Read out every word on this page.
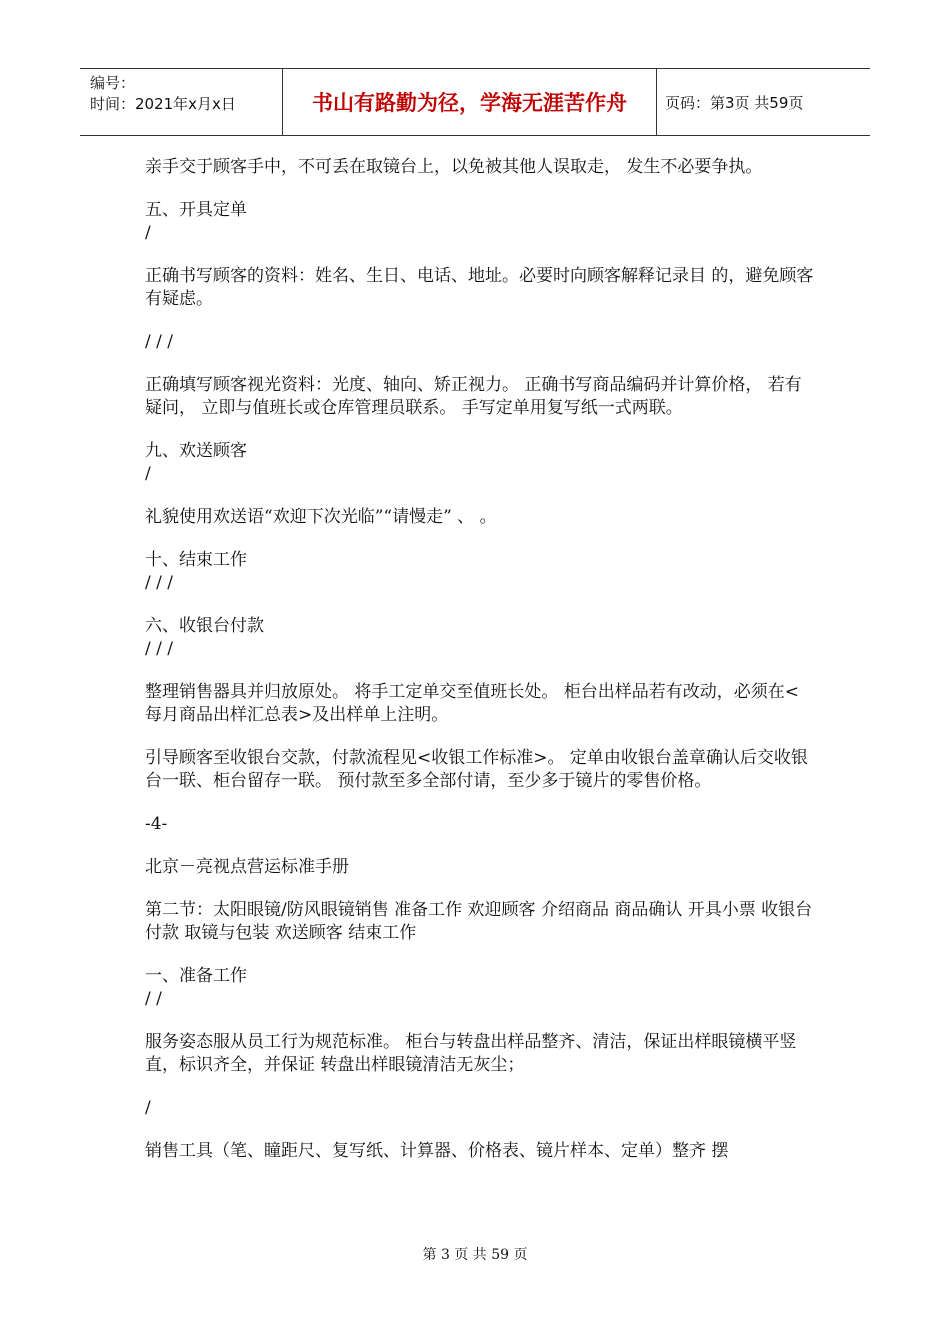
编号：
时间：2021年x月x日	书山有路勤为径，学海无涯苦作舟	页码：第3页 共59页

亲手交于顾客手中，不可丢在取镜台上，以免被其他人误取走， 发生不必要争执。

五、开具定单

/

正确书写顾客的资料：姓名、生日、电话、地址。必要时向顾客解释记录目 的，避免顾客有疑虑。

/ / /

正确填写顾客视光资料：光度、轴向、矫正视力。 正确书写商品编码并计算价格， 若有疑问， 立即与值班长或仓库管理员联系。 手写定单用复写纸一式两联。

九、欢送顾客

/

礼貌使用欢送语“欢迎下次光临”“请慢走” 、 。

十、结束工作

/ / /

六、收银台付款

/ / /

整理销售器具并归放原处。 将手工定单交至值班长处。 柜台出样品若有改动，必须在<每月商品出样汇总表>及出样单上注明。

引导顾客至收银台交款，付款流程见<收银工作标准>。 定单由收银台盖章确认后交收银台一联、柜台留存一联。 预付款至多全部付请，至少多于镜片的零售价格。

-4-

北京－亮视点营运标准手册

第二节：太阳眼镜/防风眼镜销售 准备工作 欢迎顾客 介绍商品 商品确认 开具小票 收银台付款 取镜与包装 欢送顾客 结束工作

一、准备工作

/ /

服务姿态服从员工行为规范标准。 柜台与转盘出样品整齐、清洁，保证出样眼镜横平竖直，标识齐全，并保证 转盘出样眼镜清洁无灰尘；

/

销售工具（笔、瞳距尺、复写纸、计算器、价格表、镜片样本、定单）整齐 摆

第 3 页 共 59 页
